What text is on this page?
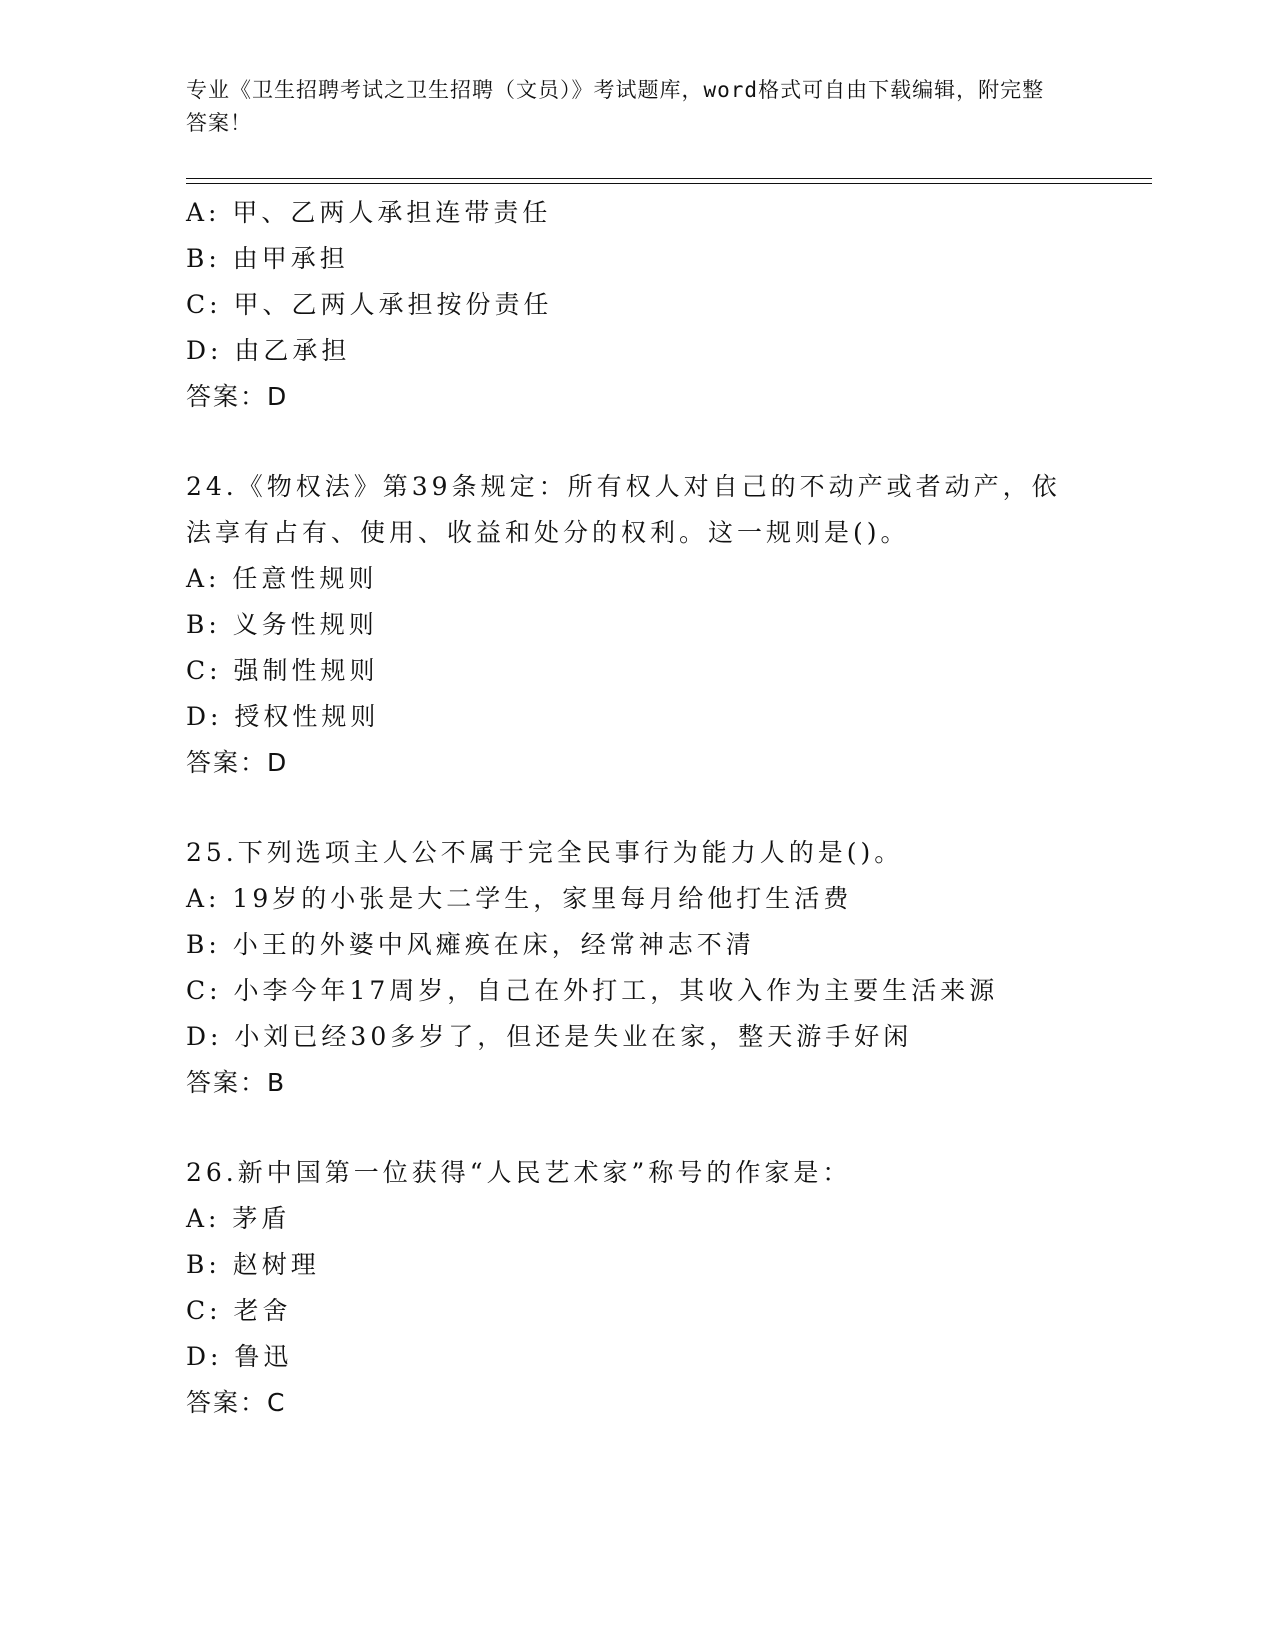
专业《卫生招聘考试之卫生招聘（文员）》考试题库，word格式可自由下载编辑，附完整答案！
A: 甲、乙两人承担连带责任
B: 由甲承担
C: 甲、乙两人承担按份责任
D: 由乙承担
答案：D
24.《物权法》第39条规定：所有权人对自己的不动产或者动产，依
法享有占有、使用、收益和处分的权利。这一规则是()。
A: 任意性规则
B: 义务性规则
C: 强制性规则
D: 授权性规则
答案：D
25.下列选项主人公不属于完全民事行为能力人的是()。
A: 19岁的小张是大二学生，家里每月给他打生活费
B: 小王的外婆中风瘫痪在床，经常神志不清
C: 小李今年17周岁，自己在外打工，其收入作为主要生活来源
D: 小刘已经30多岁了，但还是失业在家，整天游手好闲
答案：B
26.新中国第一位获得“人民艺术家”称号的作家是：
A: 茅盾
B: 赵树理
C: 老舍
D: 鲁迅
答案：C
